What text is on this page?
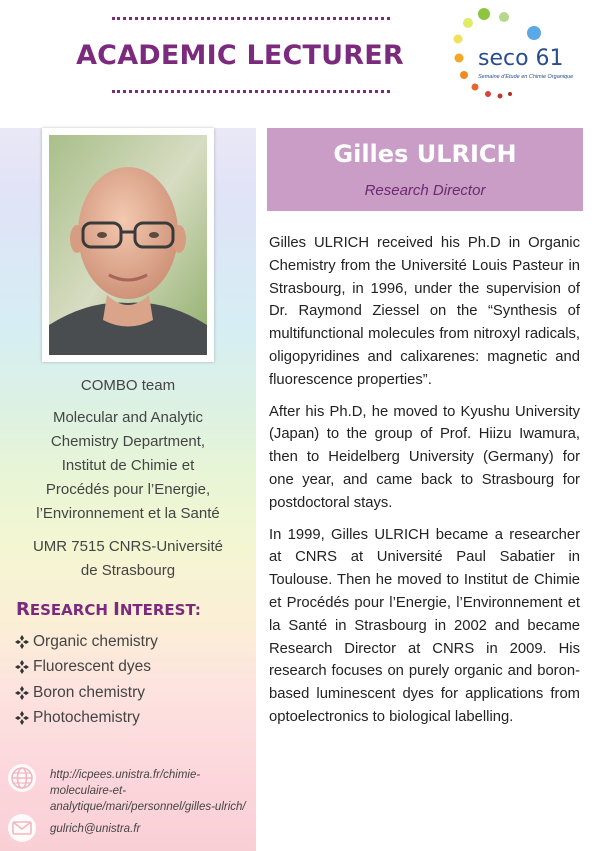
ACADEMIC LECTURER	seco 61
Semaine d'Etude en Chimie Organique
COMBO team
Molecular and Analytic
Chemistry Department,
Institut de Chimie et
Procédés pour l’Energie,
l’Environnement et la Santé
UMR 7515 CNRS-Université
de Strasbourg
RESEARCH INTEREST:
Organic chemistry
Fluorescent dyes
Boron chemistry
Photochemistry
http://icpees.unistra.fr/chimie-
moleculaire-et-
analytique/mari/personnel/gilles-ulrich/
gulrich@unistra.fr
Gilles ULRICH
Research Director

Gilles ULRICH received his Ph.D in Organic Chemistry from the Université Louis Pasteur in Strasbourg, in 1996, under the supervision of Dr. Raymond Ziessel on the “Synthesis of multifunctional molecules from nitroxyl radicals, oligopyridines and calixarenes: magnetic and fluorescence properties”.

After his Ph.D, he moved to Kyushu University (Japan) to the group of Prof. Hiizu Iwamura, then to Heidelberg University (Germany) for one year, and came back to Strasbourg for postdoctoral stays.

In 1999, Gilles ULRICH became a researcher at CNRS at Université Paul Sabatier in Toulouse. Then he moved to Institut de Chimie et Procédés pour l’Energie, l’Environnement et la Santé in Strasbourg in 2002 and became Research Director at CNRS in 2009. His research focuses on purely organic and boron-based luminescent dyes for applications from optoelectronics to biological labelling.
